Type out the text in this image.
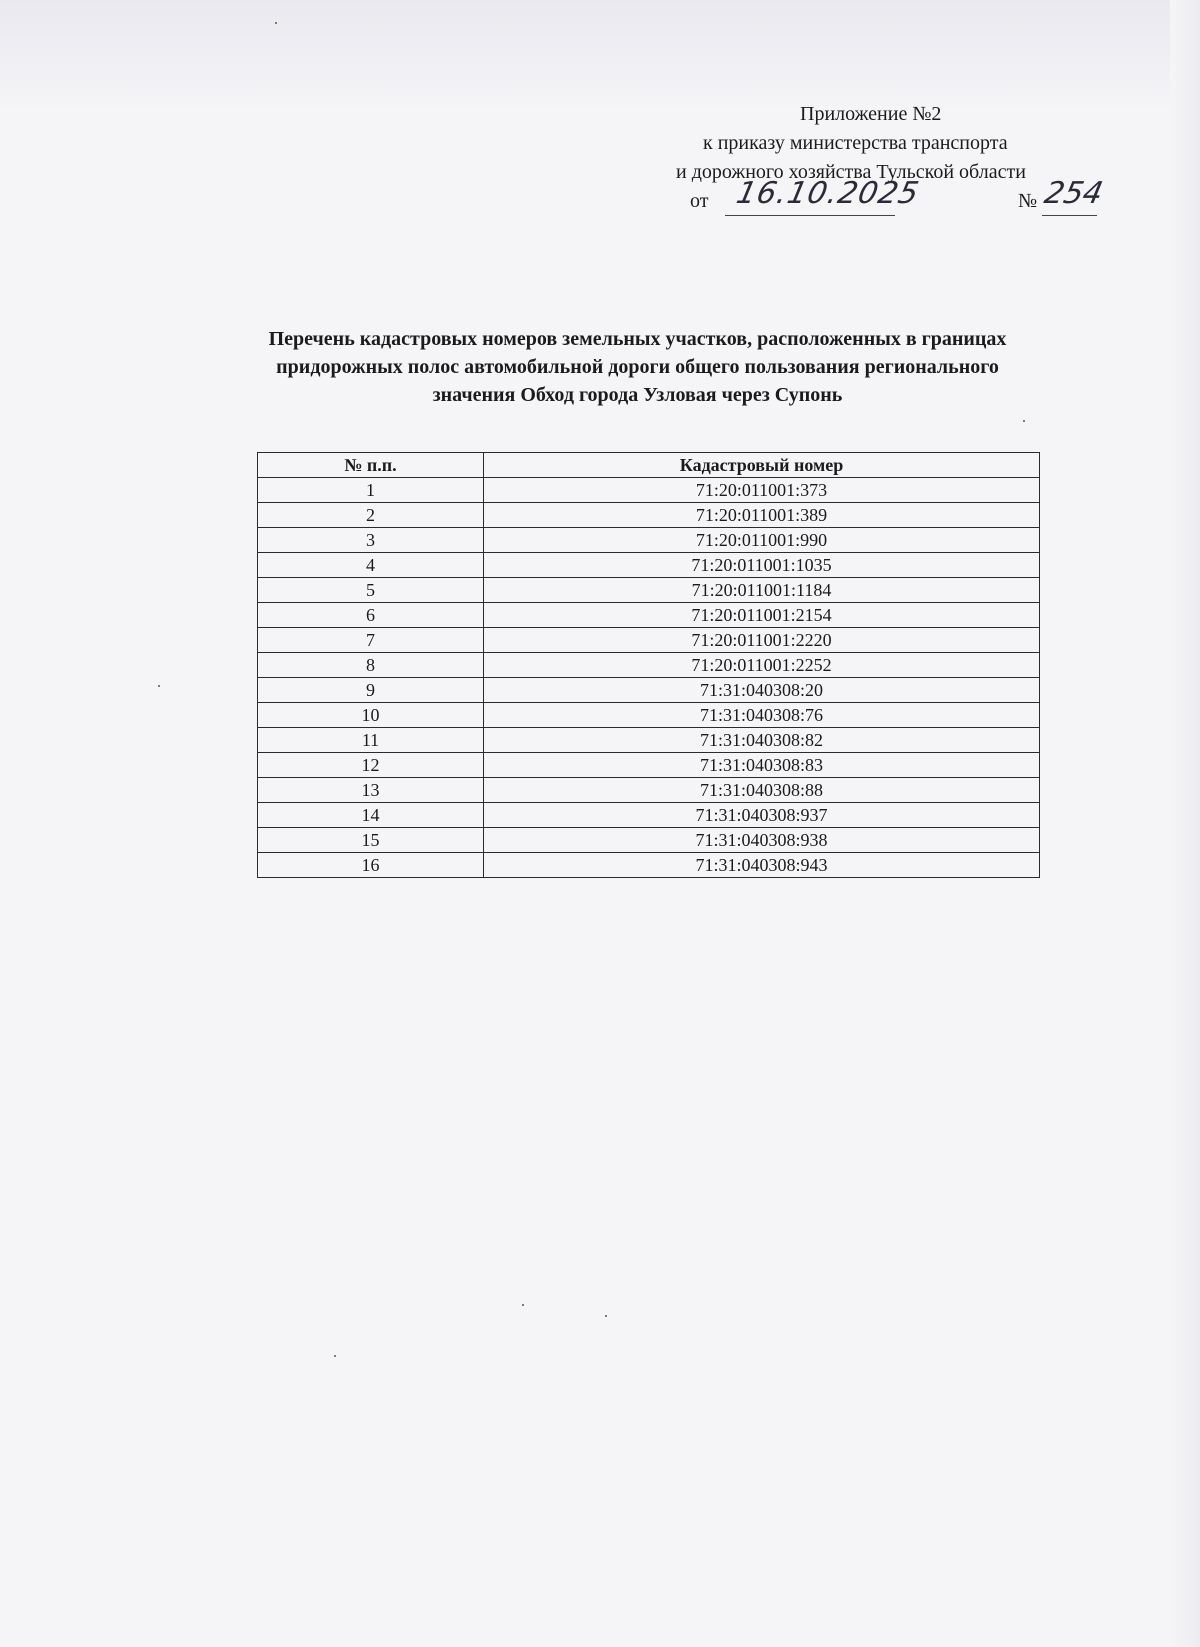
Приложение №2
к приказу министерства транспорта
и дорожного хозяйства Тульской области
от 16.10.2025	№ 254
Перечень кадастровых номеров земельных участков, расположенных в границах
придорожных полос автомобильной дороги общего пользования регионального
значения Обход города Узловая через Супонь
№ п.п.	Кадастровый номер
1	71:20:011001:373
2	71:20:011001:389
3	71:20:011001:990
4	71:20:011001:1035
5	71:20:011001:1184
6	71:20:011001:2154
7	71:20:011001:2220
8	71:20:011001:2252
9	71:31:040308:20
10	71:31:040308:76
11	71:31:040308:82
12	71:31:040308:83
13	71:31:040308:88
14	71:31:040308:937
15	71:31:040308:938
16	71:31:040308:943
